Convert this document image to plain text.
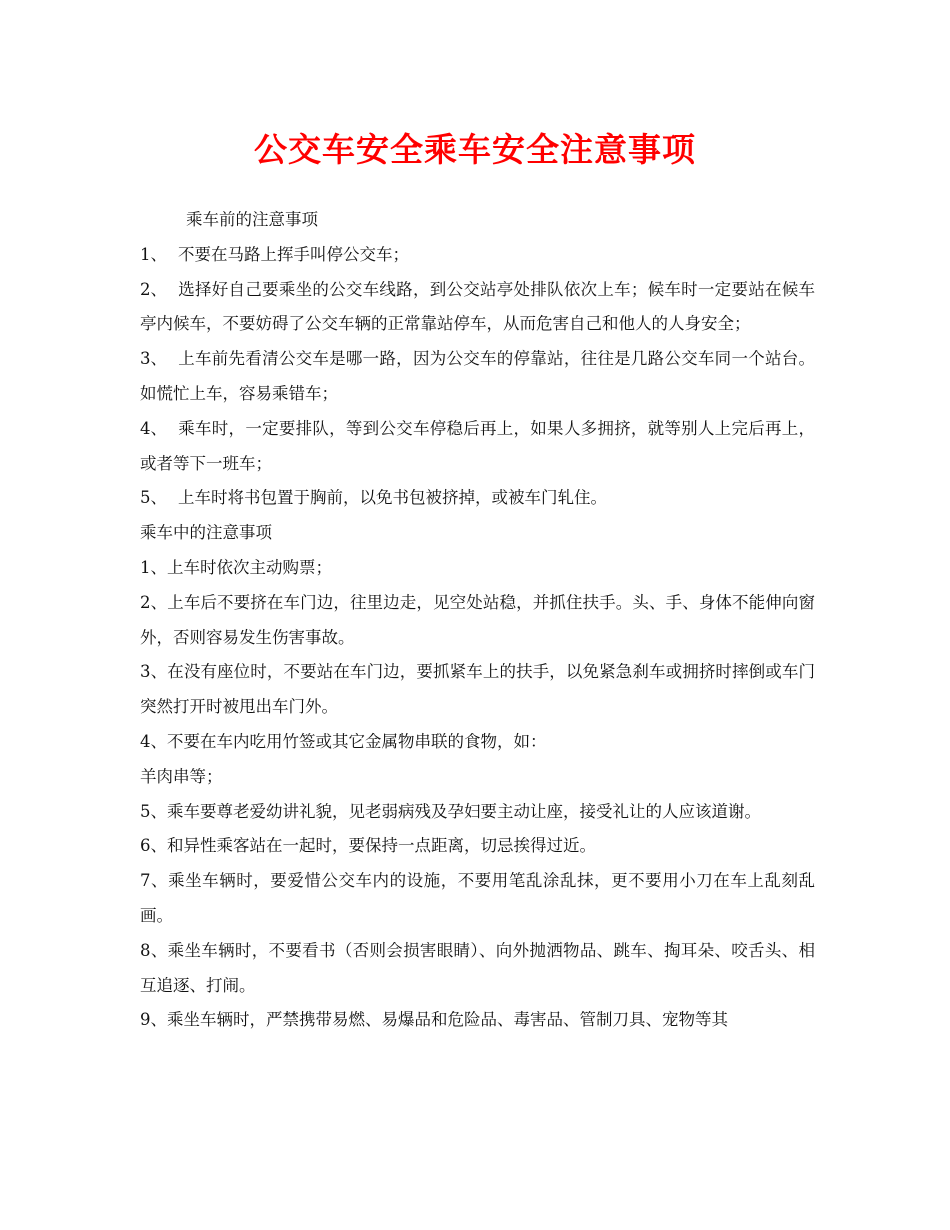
公交车安全乘车安全注意事项

乘车前的注意事项

1、 不要在马路上挥手叫停公交车；

2、 选择好自己要乘坐的公交车线路，到公交站亭处排队依次上车；候车时一定要站在候车亭内候车，不要妨碍了公交车辆的正常靠站停车，从而危害自己和他人的人身安全；

3、 上车前先看清公交车是哪一路，因为公交车的停靠站，往往是几路公交车同一个站台。如慌忙上车，容易乘错车；

4、 乘车时，一定要排队，等到公交车停稳后再上，如果人多拥挤，就等别人上完后再上，或者等下一班车；

5、 上车时将书包置于胸前，以免书包被挤掉，或被车门轧住。

乘车中的注意事项

1、上车时依次主动购票；

2、上车后不要挤在车门边，往里边走，见空处站稳，并抓住扶手。头、手、身体不能伸向窗外，否则容易发生伤害事故。

3、在没有座位时，不要站在车门边，要抓紧车上的扶手，以免紧急刹车或拥挤时摔倒或车门突然打开时被甩出车门外。

4、不要在车内吃用竹签或其它金属物串联的食物，如：

羊肉串等；

5、乘车要尊老爱幼讲礼貌，见老弱病残及孕妇要主动让座，接受礼让的人应该道谢。

6、和异性乘客站在一起时，要保持一点距离，切忌挨得过近。

7、乘坐车辆时，要爱惜公交车内的设施，不要用笔乱涂乱抹，更不要用小刀在车上乱刻乱画。

8、乘坐车辆时，不要看书（否则会损害眼睛）、向外抛洒物品、跳车、掏耳朵、咬舌头、相互追逐、打闹。

9、乘坐车辆时，严禁携带易燃、易爆品和危险品、毒害品、管制刀具、宠物等其
